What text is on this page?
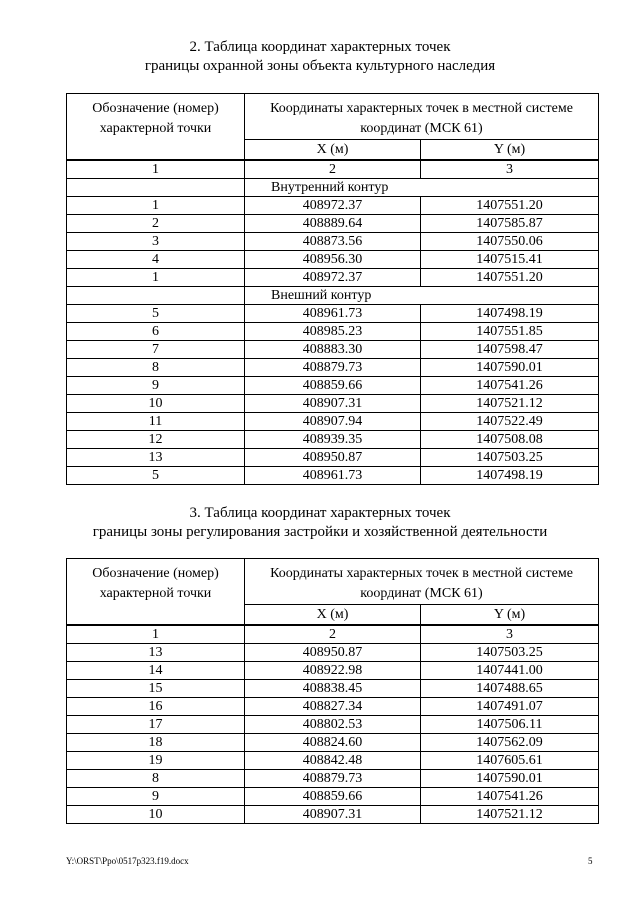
2. Таблица координат характерных точек
границы охранной зоны объекта культурного наследия
Обозначение (номер) характерной точки	Координаты характерных точек в местной системе координат (МСК 61)	
	X (м)	Y (м)
1	2	3
	Внутренний контур	
1	408972.37	1407551.20
2	408889.64	1407585.87
3	408873.56	1407550.06
4	408956.30	1407515.41
1	408972.37	1407551.20
	Внешний контур	
5	408961.73	1407498.19
6	408985.23	1407551.85
7	408883.30	1407598.47
8	408879.73	1407590.01
9	408859.66	1407541.26
10	408907.31	1407521.12
11	408907.94	1407522.49
12	408939.35	1407508.08
13	408950.87	1407503.25
5	408961.73	1407498.19
3. Таблица координат характерных точек
границы зоны регулирования застройки и хозяйственной деятельности
Обозначение (номер) характерной точки	Координаты характерных точек в местной системе координат (МСК 61)	
	X (м)	Y (м)
1	2	3
13	408950.87	1407503.25
14	408922.98	1407441.00
15	408838.45	1407488.65
16	408827.34	1407491.07
17	408802.53	1407506.11
18	408824.60	1407562.09
19	408842.48	1407605.61
8	408879.73	1407590.01
9	408859.66	1407541.26
10	408907.31	1407521.12
Y:\ORST\Рро\0517p323.f19.docx	5
